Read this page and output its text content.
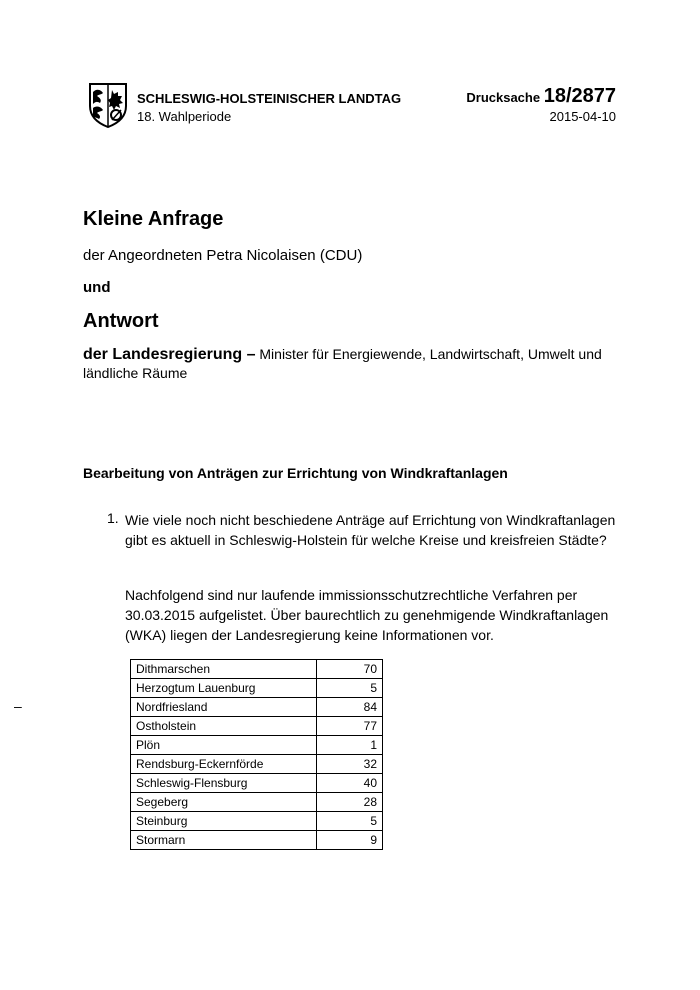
SCHLESWIG-HOLSTEINISCHER LANDTAG
18. Wahlperiode
Drucksache 18/2877
2015-04-10
Kleine Anfrage
der Angeordneten Petra Nicolaisen (CDU)
und
Antwort
der Landesregierung – Minister für Energiewende, Landwirtschaft, Umwelt und ländliche Räume
Bearbeitung von Anträgen zur Errichtung von Windkraftanlagen
1. Wie viele noch nicht beschiedene Anträge auf Errichtung von Windkraftanlagen gibt es aktuell in Schleswig-Holstein für welche Kreise und kreisfreien Städte?
Nachfolgend sind nur laufende immissionsschutzrechtliche Verfahren per 30.03.2015 aufgelistet. Über baurechtlich zu genehmigende Windkraftanlagen (WKA) liegen der Landesregierung keine Informationen vor.
–
Dithmarschen	70
Herzogtum Lauenburg	5
Nordfriesland	84
Ostholstein	77
Plön	1
Rendsburg-Eckernförde	32
Schleswig-Flensburg	40
Segeberg	28
Steinburg	5
Stormarn	9
